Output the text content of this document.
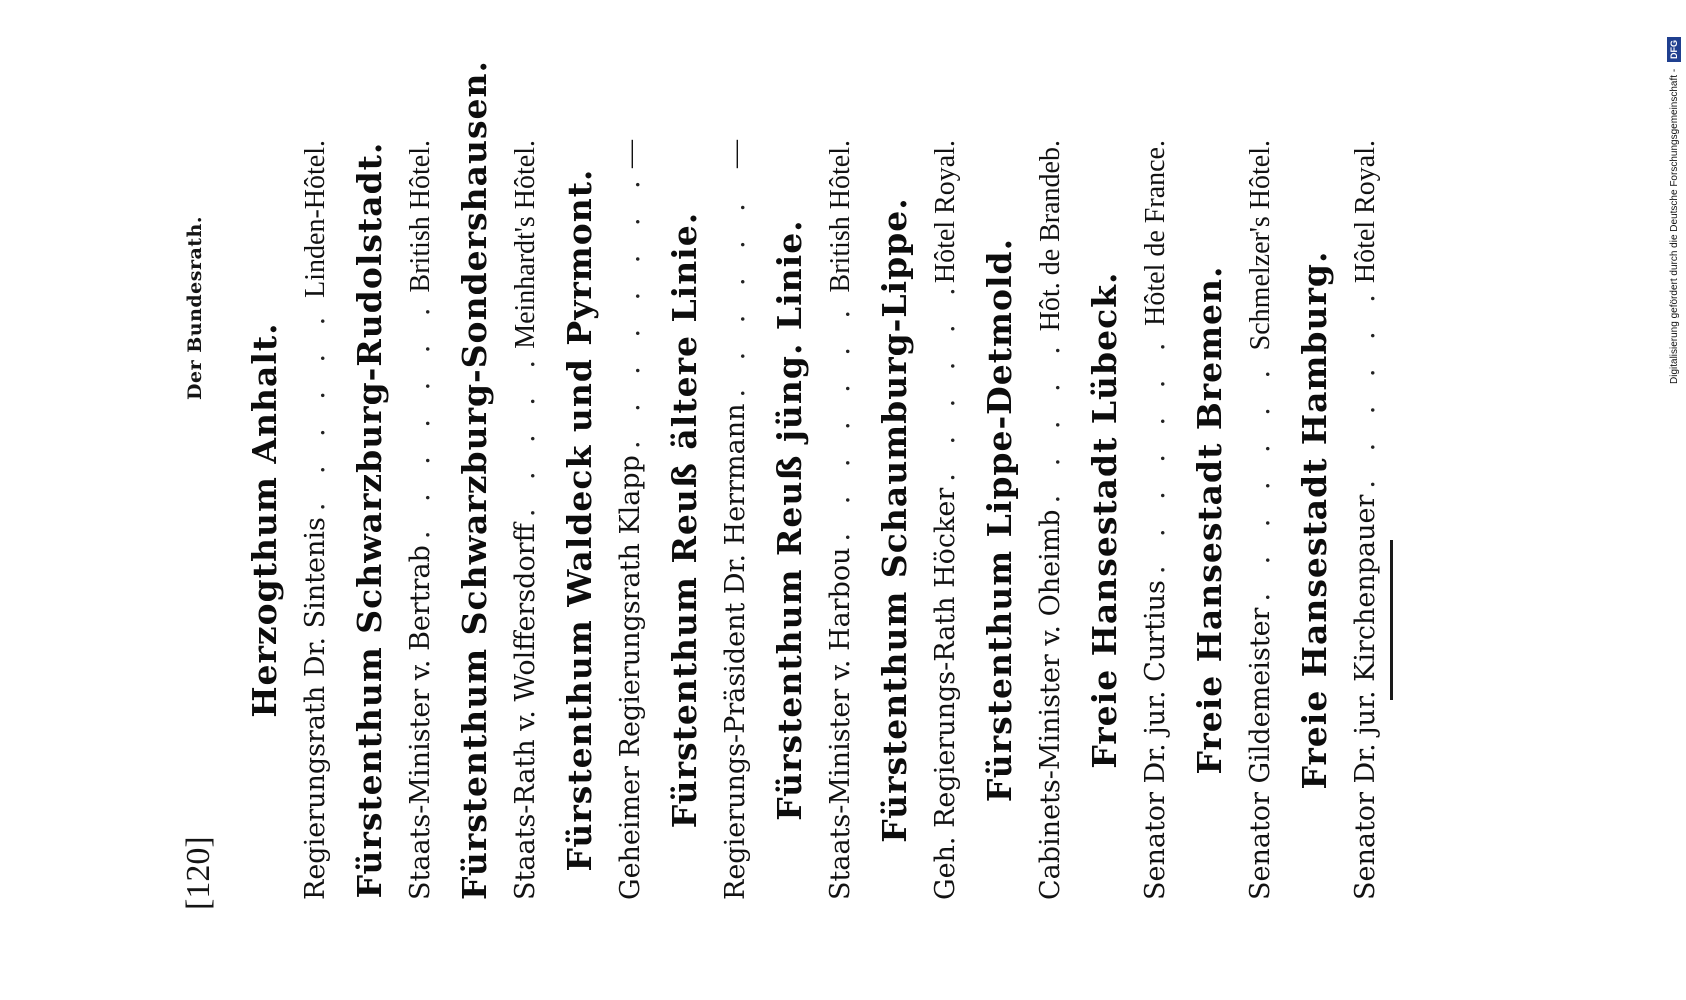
[120]
Der Bundesrath.
Herzogthum Anhalt. Regierungsrath Dr. Sintenis
. . .
Linden-Hôtel. Fürstenthum Schwarzburg-Rudolstadt. Staats-Minister v. Bertrab
. . .
British Hôtel. Fürstenthum Schwarzburg-Sondershausen. Staats-Rath v. Wolffersdorff
. . .
Meinhardt's Hôtel. Fürstenthum Waldeck und Pyrmont. Geheimer Regierungsrath Klapp
. . .
—
Fürstenthum Reuß ältere Linie. Regierungs-Präsident Dr. Herrmann
. . .
—
Fürstenthum Reuß jüng. Linie. Staats-Minister v. Harbou
. . .
British Hôtel. Fürstenthum Schaumburg-Lippe. Geh. Regierungs-Rath Höcker
. . .
Hôtel Royal.
Fürstenthum Lippe-Detmold. Cabinets-Minister v. Oheimb
. . .
Hôt. de Brandeb.
Freie Hansestadt Lübeck. Senator Dr. jur. Curtius
. . .
Hôtel de France.
Freie Hansestadt Bremen. Senator Gildemeister
. . .
Schmelzer's Hôtel.
Freie Hansestadt Hamburg. Senator Dr. jur. Kirchenpauer
. . .
Hôtel Royal.	Digitalisierung gefördert durch die Deutsche Forschungsgemeinschaft - DFG
